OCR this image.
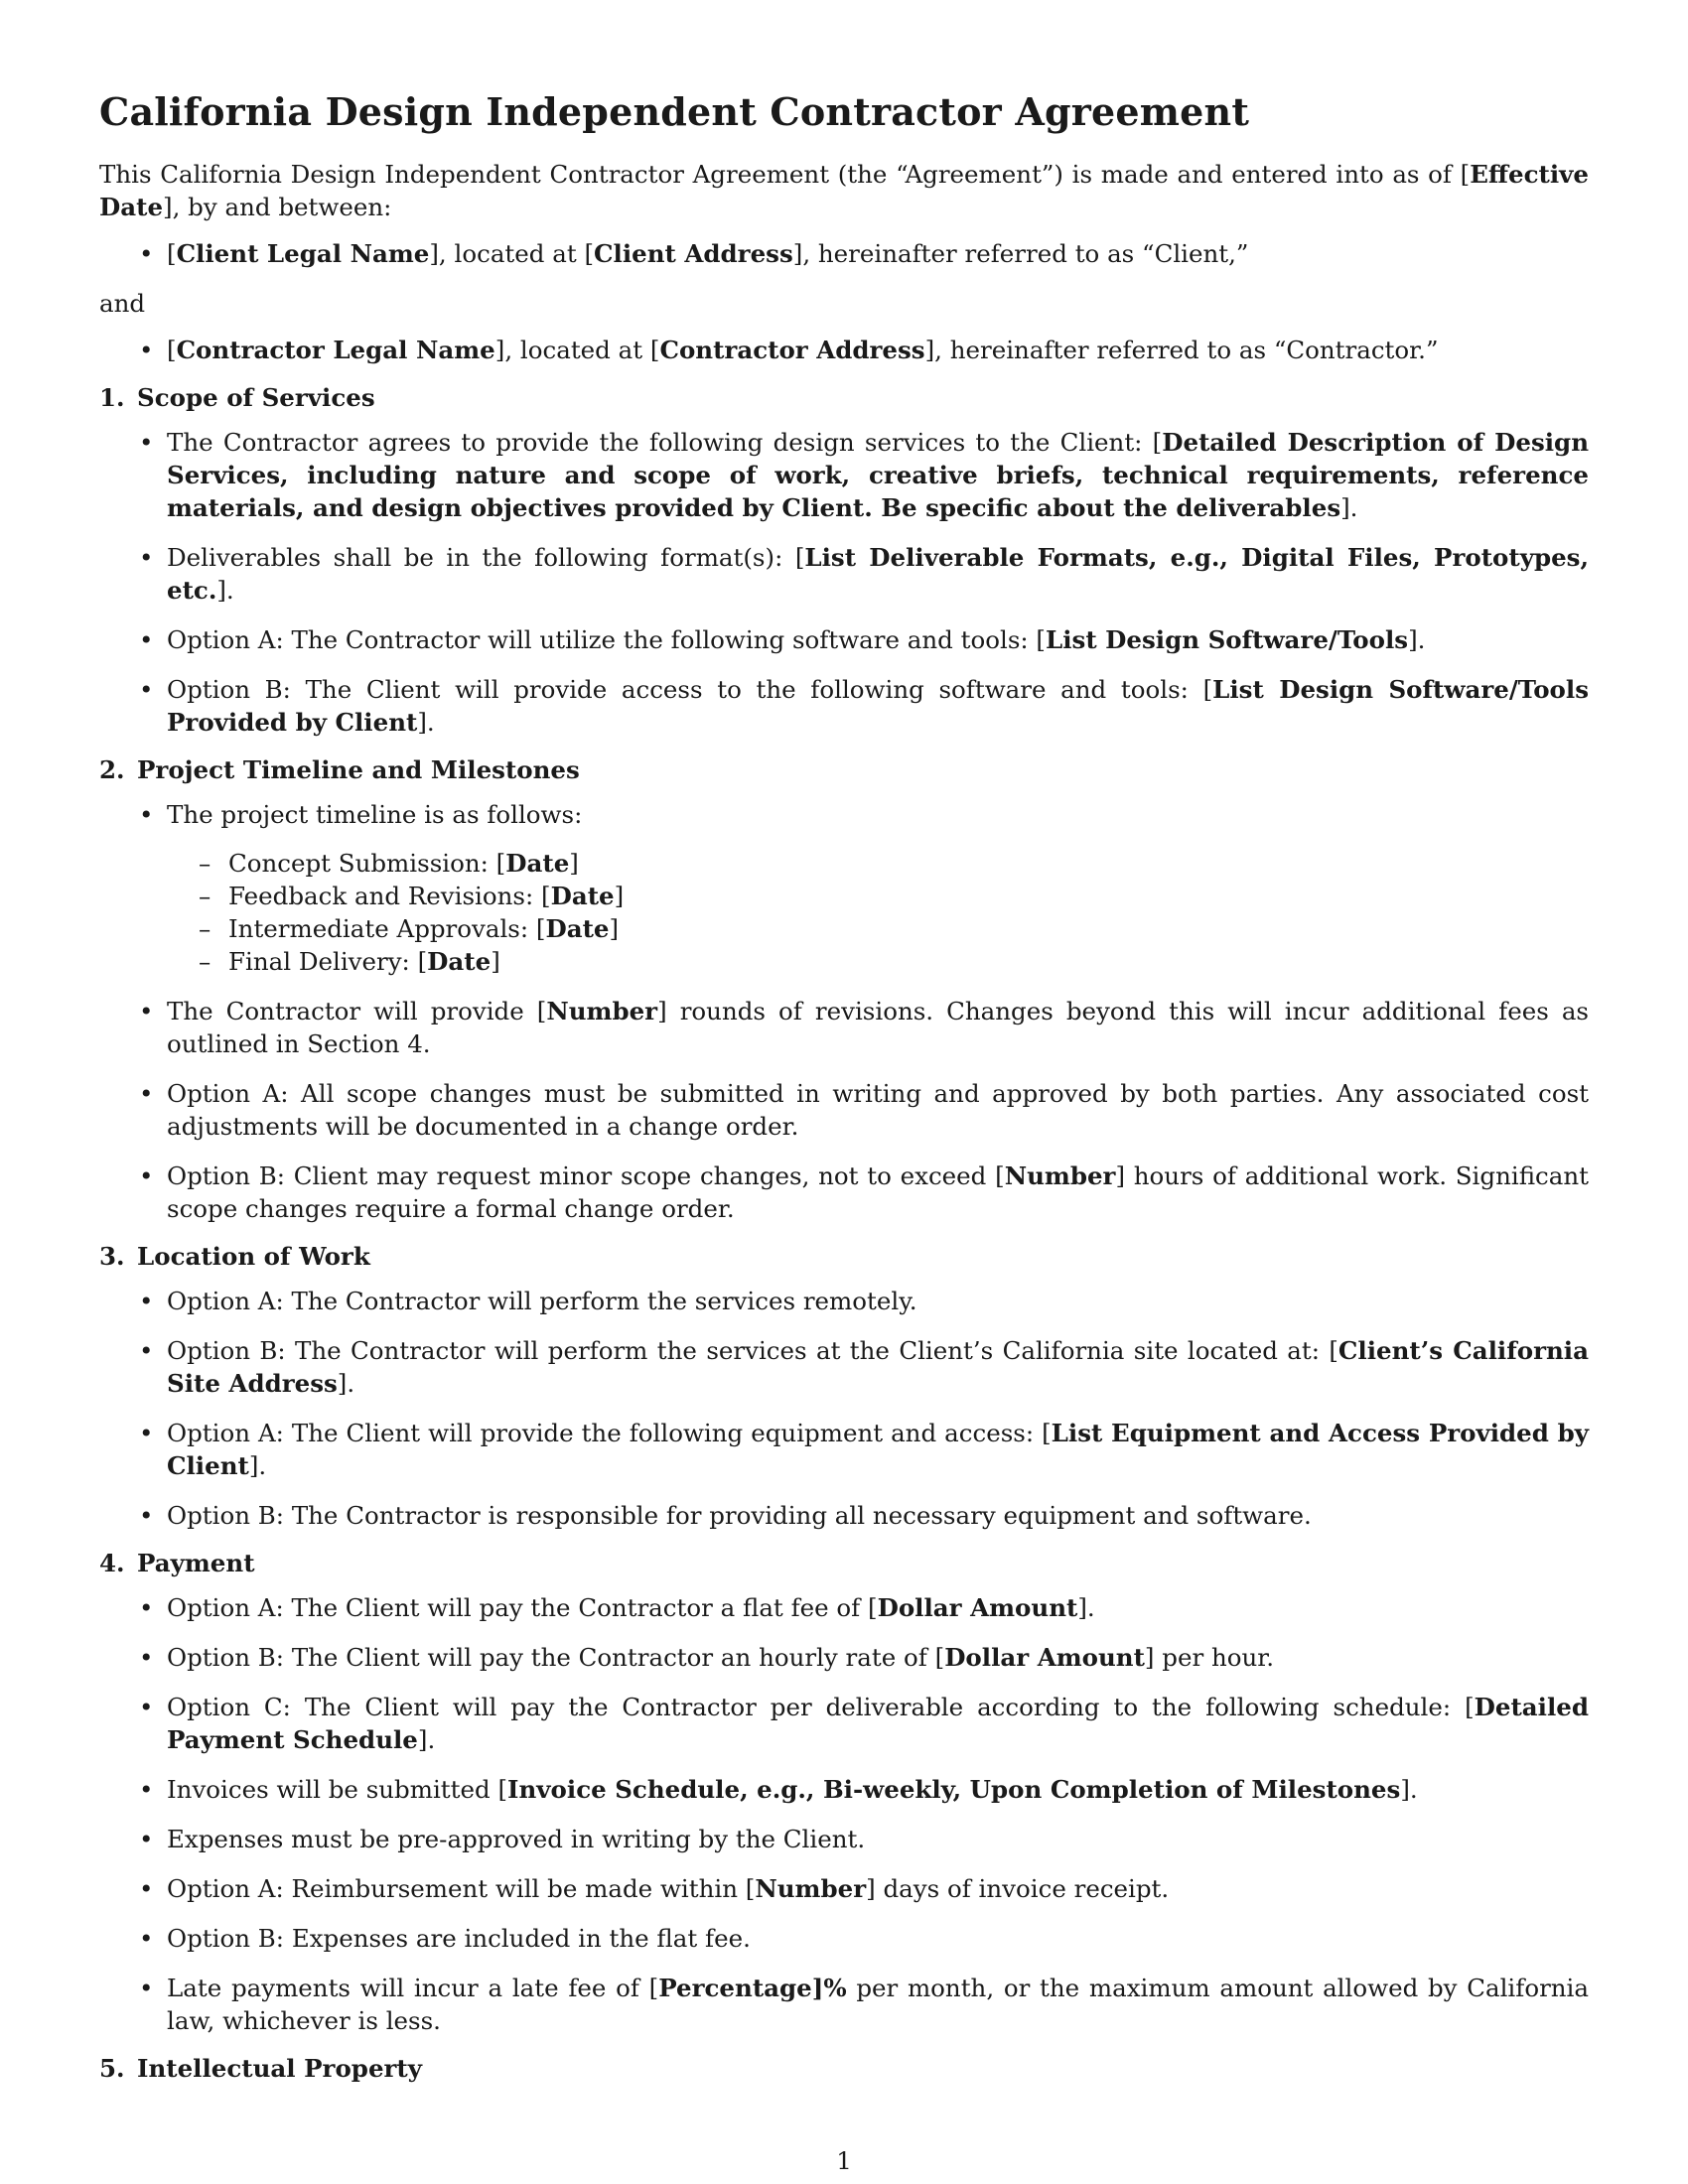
California Design Independent Contractor Agreement

This California Design Independent Contractor Agreement (the “Agreement”) is made and entered into as of [Effective Date], by and between:

• [Client Legal Name], located at [Client Address], hereinafter referred to as “Client,”

and

• [Contractor Legal Name], located at [Contractor Address], hereinafter referred to as “Contractor.”
1. Scope of Services
• The Contractor agrees to provide the following design services to the Client: [Detailed Description of Design Services, including nature and scope of work, creative briefs, technical requirements, reference materials, and design objectives provided by Client. Be specific about the deliverables].
• Deliverables shall be in the following format(s): [List Deliverable Formats, e.g., Digital Files, Prototypes, etc.].
• Option A: The Contractor will utilize the following software and tools: [List Design Software/Tools].
• Option B: The Client will provide access to the following software and tools: [List Design Software/Tools Provided by Client].
2. Project Timeline and Milestones
• The project timeline is as follows:
– Concept Submission: [Date]
– Feedback and Revisions: [Date]
– Intermediate Approvals: [Date]
– Final Delivery: [Date]
• The Contractor will provide [Number] rounds of revisions. Changes beyond this will incur additional fees as outlined in Section 4.
• Option A: All scope changes must be submitted in writing and approved by both parties. Any associated cost adjustments will be documented in a change order.
• Option B: Client may request minor scope changes, not to exceed [Number] hours of additional work. Significant scope changes require a formal change order.
3. Location of Work
• Option A: The Contractor will perform the services remotely.
• Option B: The Contractor will perform the services at the Client’s California site located at: [Client’s California Site Address].
• Option A: The Client will provide the following equipment and access: [List Equipment and Access Provided by Client].
• Option B: The Contractor is responsible for providing all necessary equipment and software.
4. Payment
• Option A: The Client will pay the Contractor a flat fee of [Dollar Amount].
• Option B: The Client will pay the Contractor an hourly rate of [Dollar Amount] per hour.
• Option C: The Client will pay the Contractor per deliverable according to the following schedule: [Detailed Payment Schedule].
• Invoices will be submitted [Invoice Schedule, e.g., Bi-weekly, Upon Completion of Milestones].
• Expenses must be pre-approved in writing by the Client.
• Option A: Reimbursement will be made within [Number] days of invoice receipt.
• Option B: Expenses are included in the flat fee.
• Late payments will incur a late fee of [Percentage]% per month, or the maximum amount allowed by California law, whichever is less.
5. Intellectual Property
1
